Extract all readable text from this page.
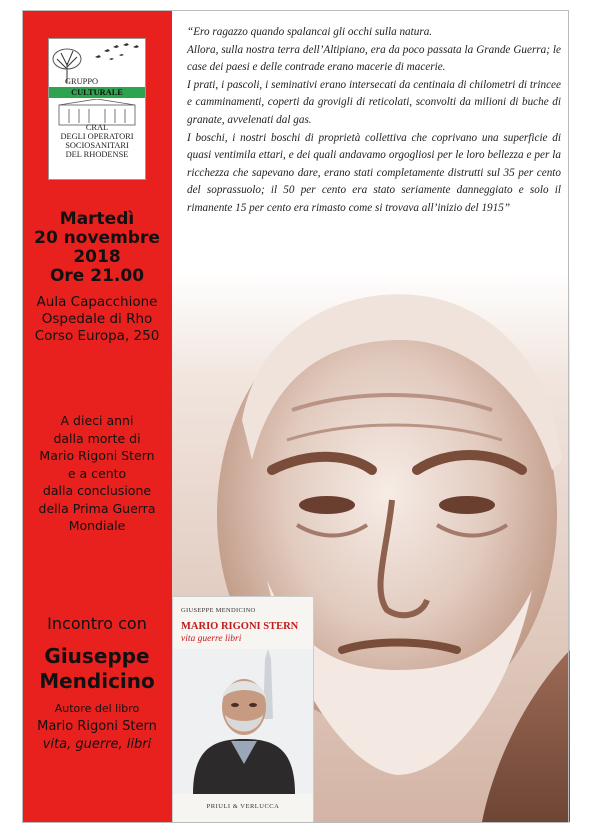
GRUPPO
CULTURALE
CRAL
DEGLI OPERATORI
SOCIOSANITARI
DEL RHODENSE
Martedì
20 novembre
2018
Ore 21.00
Aula Capacchione
Ospedale di Rho
Corso Europa, 250
A dieci anni
dalla morte di
Mario Rigoni Stern
e a cento
dalla conclusione
della Prima Guerra
Mondiale
Incontro con
Giuseppe
Mendicino
Autore del libro
Mario Rigoni Stern
vita, guerre, libri

“Ero ragazzo quando spalancai gli occhi sulla natura.

Allora, sulla nostra terra dell’Altipiano, era da poco passata la Grande Guerra; le case dei paesi e delle contrade erano macerie di macerie.

I prati, i pascoli, i seminativi erano intersecati da centinaia di chilometri di trincee e camminamenti, coperti da grovigli di reticolati, sconvolti da milioni di buche di granate, avvelenati dal gas.

I boschi, i nostri boschi di proprietà collettiva che coprivano una superficie di quasi ventimila ettari, e dei quali andavamo orgogliosi per le loro bellezza e per la ricchezza che sapevano dare, erano stati completamente distrutti sul 35 per cento del soprassuolo; il 50 per cento era stato seriamente danneggiato e solo il rimanente 15 per cento era rimasto come si trovava all’inizio del 1915”

GIUSEPPE MENDICINO
MARIO RIGONI STERN
vita guerre libri
PRIULI & VERLUCCA
